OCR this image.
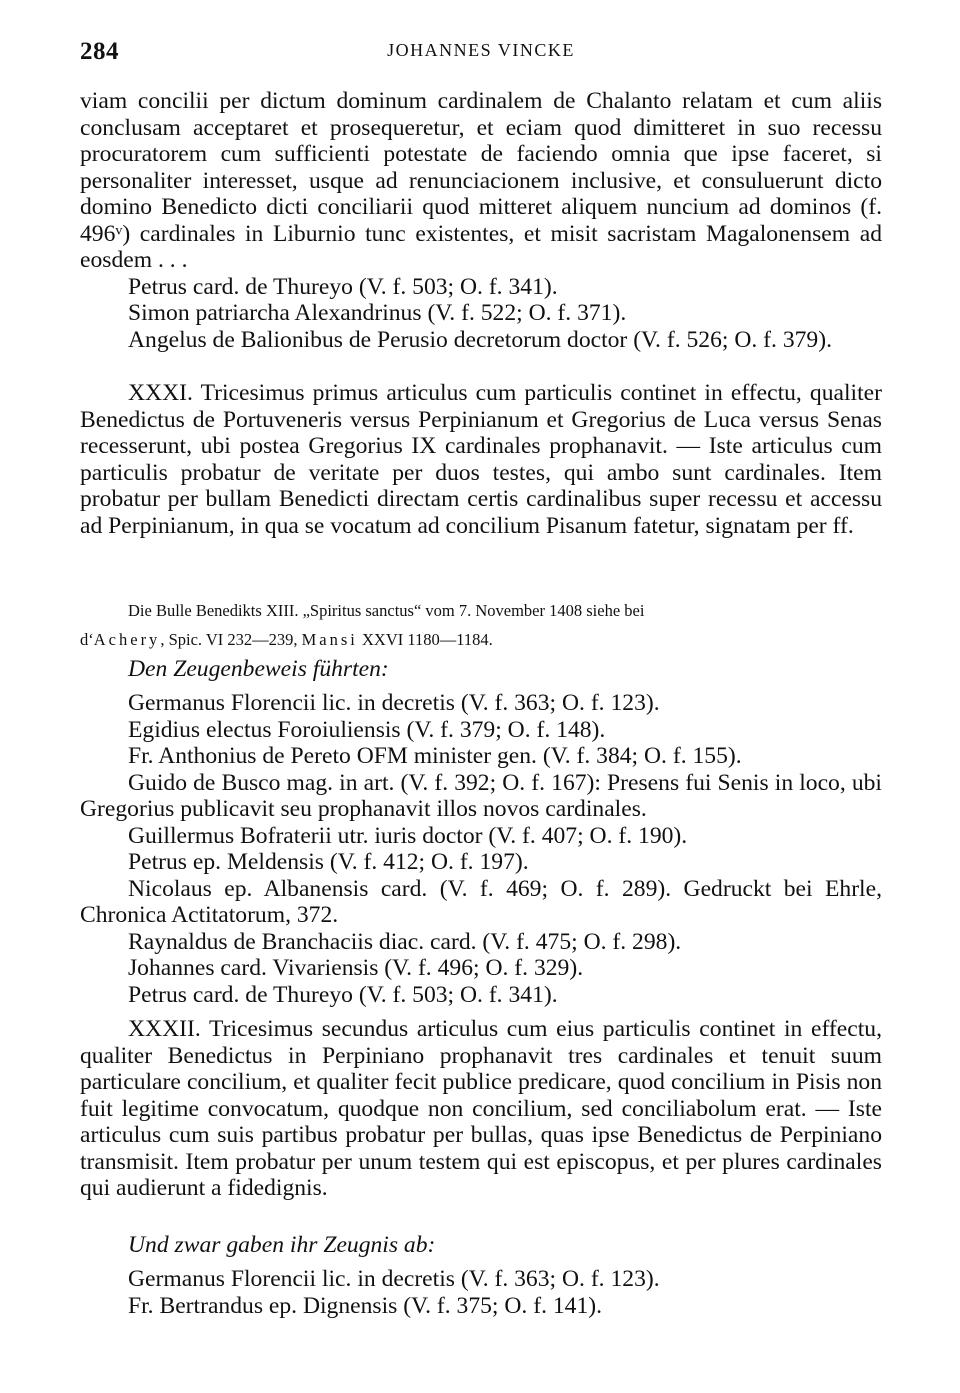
284	JOHANNES VINCKE

viam concilii per dictum dominum cardinalem de Chalanto relatam et cum aliis conclusam acceptaret et prosequeretur, et eciam quod dimitteret in suo recessu procuratorem cum sufficienti potestate de faciendo omnia que ipse faceret, si personaliter interesset, usque ad renunciacionem inclusive, et consuluerunt dicto domino Benedicto dicti conciliarii quod mitteret aliquem nuncium ad dominos (f. 496ᵛ) cardinales in Liburnio tunc existentes, et misit sacristam Magalonensem ad eosdem . . .

Petrus card. de Thureyo (V. f. 503; O. f. 341).

Simon patriarcha Alexandrinus (V. f. 522; O. f. 371).

Angelus de Balionibus de Perusio decretorum doctor (V. f. 526; O. f. 379).

XXXI. Tricesimus primus articulus cum particulis continet in effectu, qualiter Benedictus de Portuveneris versus Perpinianum et Gregorius de Luca versus Senas recesserunt, ubi postea Gregorius IX cardinales prophanavit. — Iste articulus cum particulis probatur de veritate per duos testes, qui ambo sunt cardinales. Item probatur per bullam Benedicti directam certis cardinalibus super recessu et accessu ad Perpinianum, in qua se vocatum ad concilium Pisanum fatetur, signatam per ff.

Die Bulle Benedikts XIII. „Spiritus sanctus“ vom 7. November 1408 siehe bei
d‘Achery, Spic. VI 232—239, Mansi XXVI 1180—1184.
Den Zeugenbeweis führten:

Germanus Florencii lic. in decretis (V. f. 363; O. f. 123).

Egidius electus Foroiuliensis (V. f. 379; O. f. 148).

Fr. Anthonius de Pereto OFM minister gen. (V. f. 384; O. f. 155).

Guido de Busco mag. in art. (V. f. 392; O. f. 167): Presens fui Senis in loco, ubi Gregorius publicavit seu prophanavit illos novos cardinales.

Guillermus Bofraterii utr. iuris doctor (V. f. 407; O. f. 190).

Petrus ep. Meldensis (V. f. 412; O. f. 197).

Nicolaus ep. Albanensis card. (V. f. 469; O. f. 289). Gedruckt bei Ehrle, Chronica Actitatorum, 372.

Raynaldus de Branchaciis diac. card. (V. f. 475; O. f. 298).

Johannes card. Vivariensis (V. f. 496; O. f. 329).

Petrus card. de Thureyo (V. f. 503; O. f. 341).

XXXII. Tricesimus secundus articulus cum eius particulis continet in effectu, qualiter Benedictus in Perpiniano prophanavit tres cardinales et tenuit suum particulare concilium, et qualiter fecit publice predicare, quod concilium in Pisis non fuit legitime convocatum, quodque non concilium, sed conciliabolum erat. — Iste articulus cum suis partibus probatur per bullas, quas ipse Benedictus de Perpiniano transmisit. Item probatur per unum testem qui est episcopus, et per plures cardinales qui audierunt a fidedignis.

Und zwar gaben ihr Zeugnis ab:

Germanus Florencii lic. in decretis (V. f. 363; O. f. 123).

Fr. Bertrandus ep. Dignensis (V. f. 375; O. f. 141).
